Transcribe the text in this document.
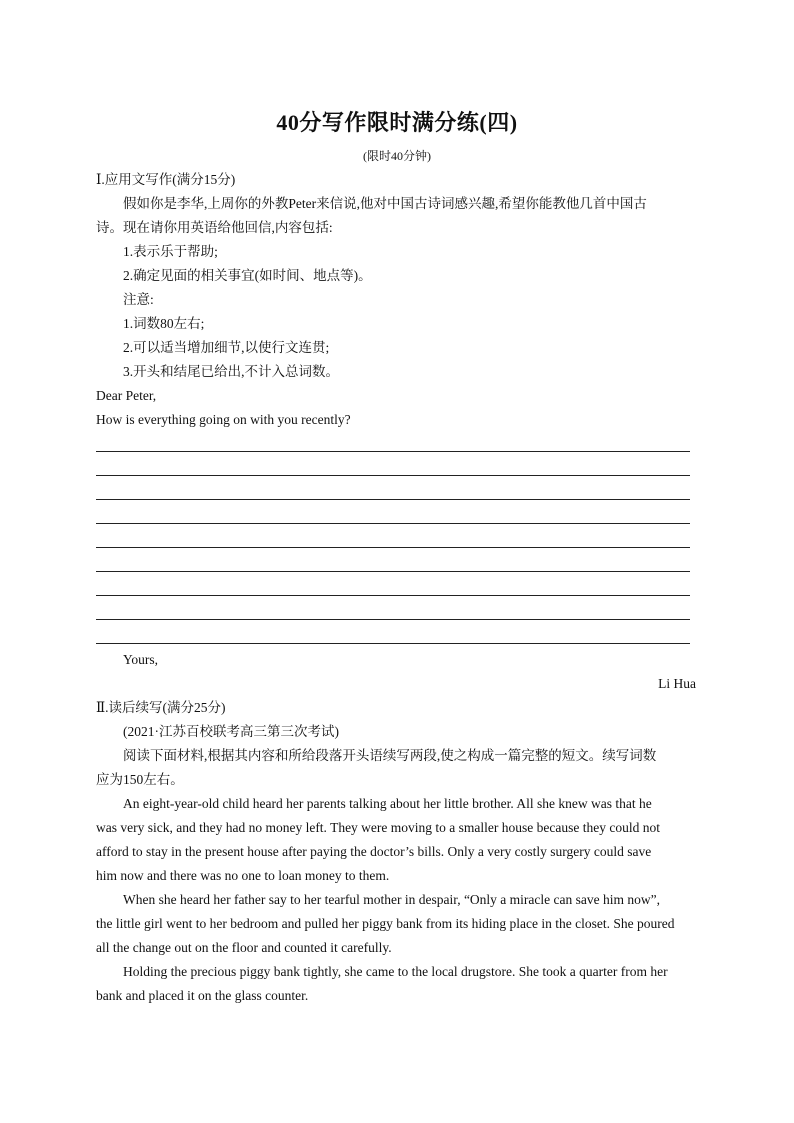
40分写作限时满分练(四)
(限时40分钟)
Ⅰ.应用文写作(满分15分)
假如你是李华,上周你的外教Peter来信说,他对中国古诗词感兴趣,希望你能教他几首中国古
诗。现在请你用英语给他回信,内容包括:
1.表示乐于帮助;
2.确定见面的相关事宜(如时间、地点等)。
注意:
1.词数80左右;
2.可以适当增加细节,以使行文连贯;
3.开头和结尾已给出,不计入总词数。
Dear Peter,
How is everything going on with you recently?
Yours,
Li Hua
Ⅱ.读后续写(满分25分)
(2021·江苏百校联考高三第三次考试)
阅读下面材料,根据其内容和所给段落开头语续写两段,使之构成一篇完整的短文。续写词数
应为150左右。
An eight-year-old child heard her parents talking about her little brother. All she knew was that he
was very sick, and they had no money left. They were moving to a smaller house because they could not
afford to stay in the present house after paying the doctor’s bills. Only a very costly surgery could save
him now and there was no one to loan money to them.
When she heard her father say to her tearful mother in despair, “Only a miracle can save him now”,
the little girl went to her bedroom and pulled her piggy bank from its hiding place in the closet. She poured
all the change out on the floor and counted it carefully.
Holding the precious piggy bank tightly, she came to the local drugstore. She took a quarter from her
bank and placed it on the glass counter.
